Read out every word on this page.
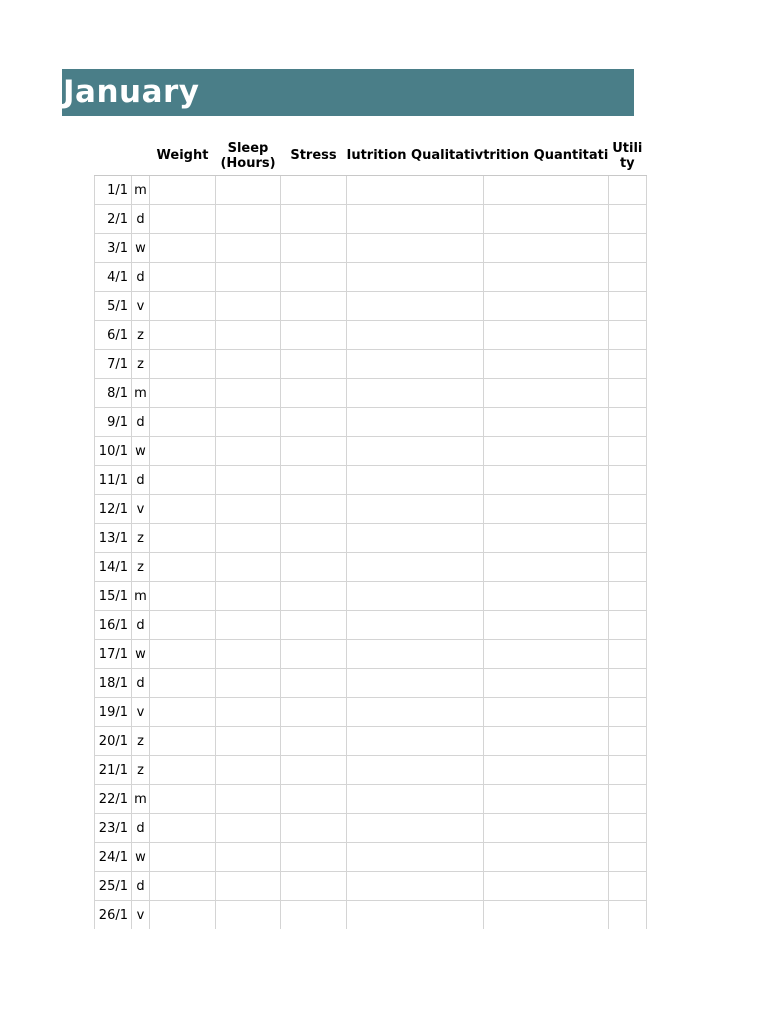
January
		Weight	Sleep (Hours)	Stress	Iutrition Qualitativ	trition Quantitati	Utili ty
1/1	m						
2/1	d						
3/1	w						
4/1	d						
5/1	v						
6/1	z						
7/1	z						
8/1	m						
9/1	d						
10/1	w						
11/1	d						
12/1	v						
13/1	z						
14/1	z						
15/1	m						
16/1	d						
17/1	w						
18/1	d						
19/1	v						
20/1	z						
21/1	z						
22/1	m						
23/1	d						
24/1	w						
25/1	d						
26/1	v						
